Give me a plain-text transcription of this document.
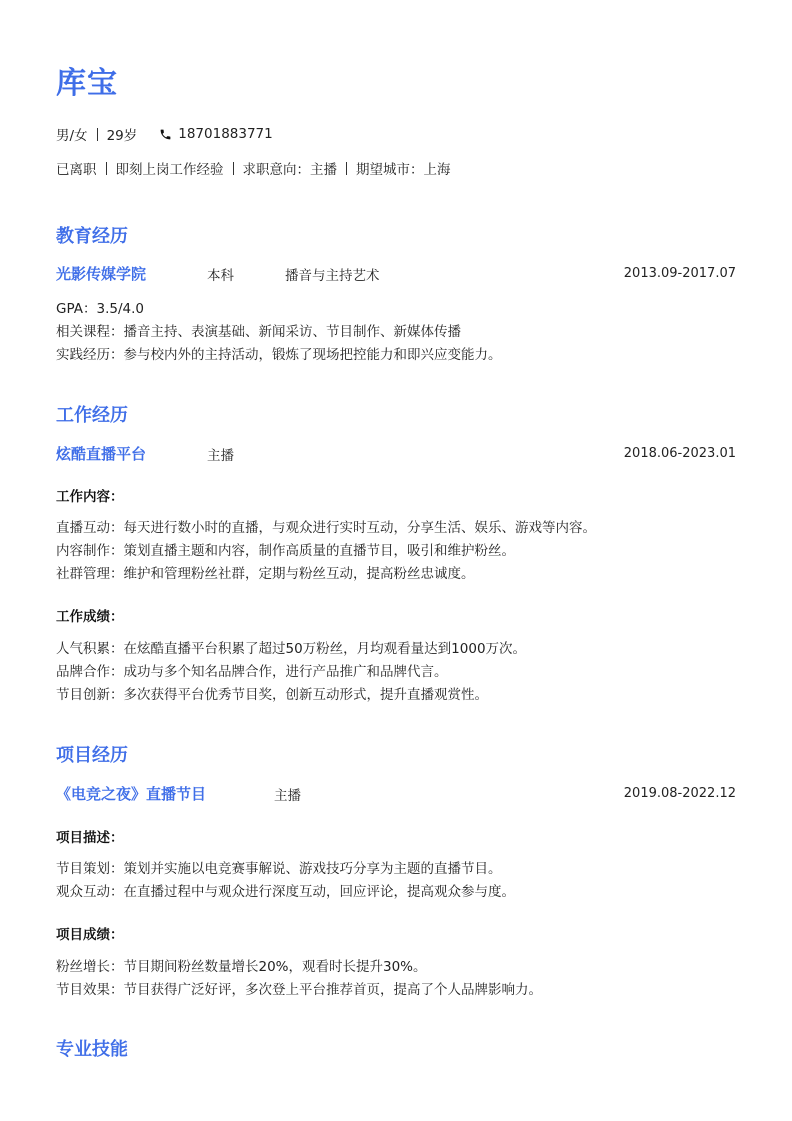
库宝
男/女 29岁	18701883771
已离职 即刻上岗工作经验 求职意向：主播 期望城市：上海
教育经历
光影传媒学院	本科	播音与主持艺术	2013.09-2017.07
GPA：3.5/4.0
相关课程：播音主持、表演基础、新闻采访、节目制作、新媒体传播
实践经历：参与校内外的主持活动，锻炼了现场把控能力和即兴应变能力。
工作经历
炫酷直播平台	主播	2018.06-2023.01
工作内容：
直播互动：每天进行数小时的直播，与观众进行实时互动，分享生活、娱乐、游戏等内容。
内容制作：策划直播主题和内容，制作高质量的直播节目，吸引和维护粉丝。
社群管理：维护和管理粉丝社群，定期与粉丝互动，提高粉丝忠诚度。
工作成绩：
人气积累：在炫酷直播平台积累了超过50万粉丝，月均观看量达到1000万次。
品牌合作：成功与多个知名品牌合作，进行产品推广和品牌代言。
节目创新：多次获得平台优秀节目奖，创新互动形式，提升直播观赏性。
项目经历
《电竞之夜》直播节目	主播	2019.08-2022.12
项目描述：
节目策划：策划并实施以电竞赛事解说、游戏技巧分享为主题的直播节目。
观众互动：在直播过程中与观众进行深度互动，回应评论，提高观众参与度。
项目成绩：
粉丝增长：节目期间粉丝数量增长20%，观看时长提升30%。
节目效果：节目获得广泛好评，多次登上平台推荐首页，提高了个人品牌影响力。
专业技能
